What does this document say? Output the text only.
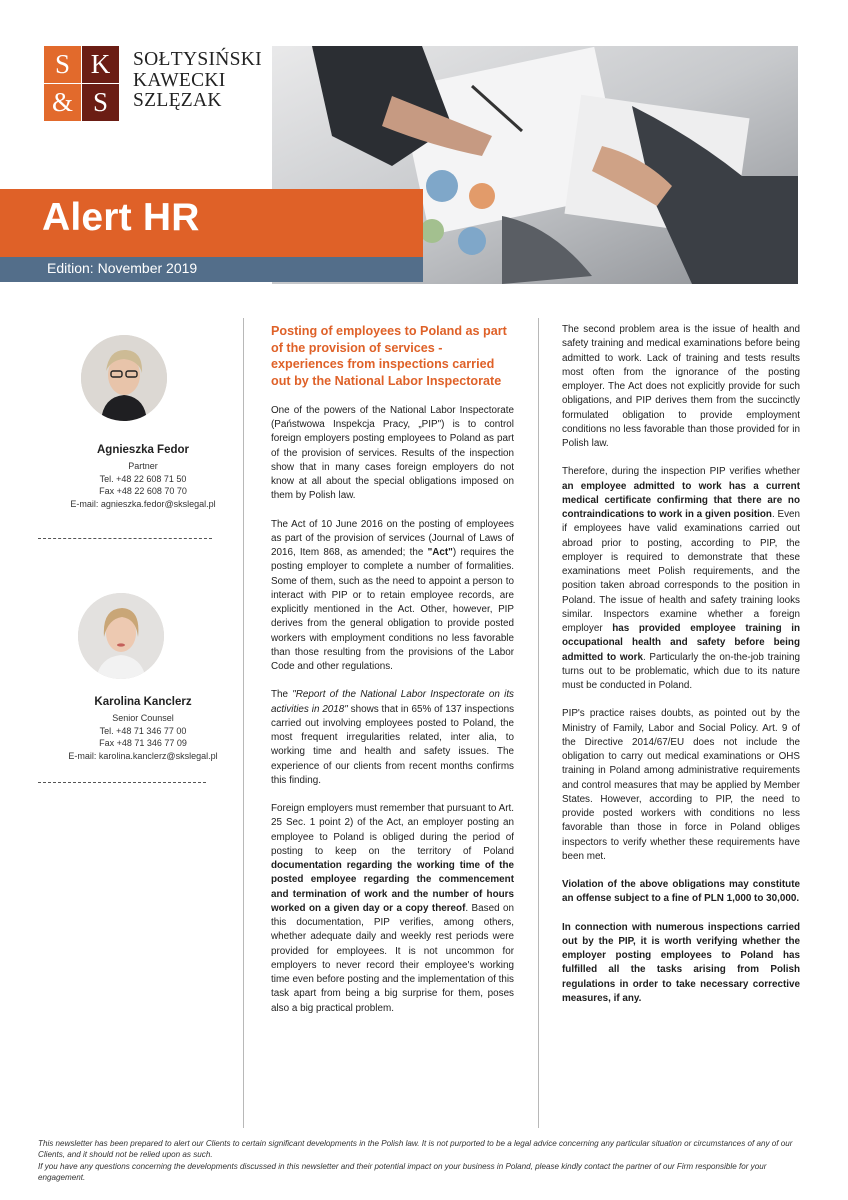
S K
& S
SOŁTYSIŃSKI
KAWECKI
SZLĘZAK
Alert HR
Edition: November 2019
Agnieszka Fedor
Partner
Tel. +48 22 608 71 50
Fax +48 22 608 70 70
E-mail: agnieszka.fedor@skslegal.pl
Karolina Kanclerz
Senior Counsel
Tel. +48 71 346 77 00
Fax +48 71 346 77 09
E-mail: karolina.kanclerz@skslegal.pl

Posting of employees to Poland as part of the provision of services - experiences from inspections carried out by the National Labor Inspectorate

One of the powers of the National Labor Inspectorate (Państwowa Inspekcja Pracy, „PIP") is to control foreign employers posting employees to Poland as part of the provision of services. Results of the inspection show that in many cases foreign employers do not know at all about the special obligations imposed on them by Polish law.

The Act of 10 June 2016 on the posting of employees as part of the provision of services (Journal of Laws of 2016, Item 868, as amended; the "Act") requires the posting employer to complete a number of formalities. Some of them, such as the need to appoint a person to interact with PIP or to retain employee records, are explicitly mentioned in the Act. Other, however, PIP derives from the general obligation to provide posted workers with employment conditions no less favorable than those resulting from the provisions of the Labor Code and other regulations.

The "Report of the National Labor Inspectorate on its activities in 2018" shows that in 65% of 137 inspections carried out involving employees posted to Poland, the most frequent irregularities related, inter alia, to working time and health and safety issues. The experience of our clients from recent months confirms this finding.

Foreign employers must remember that pursuant to Art. 25 Sec. 1 point 2) of the Act, an employer posting an employee to Poland is obliged during the period of posting to keep on the territory of Poland documentation regarding the working time of the posted employee regarding the commencement and termination of work and the number of hours worked on a given day or a copy thereof. Based on this documentation, PIP verifies, among others, whether adequate daily and weekly rest periods were provided for employees. It is not uncommon for employers to never record their employee's working time even before posting and the implementation of this task apart from being a big surprise for them, poses also a big practical problem.

The second problem area is the issue of health and safety training and medical examinations before being admitted to work. Lack of training and tests results most often from the ignorance of the posting employer. The Act does not explicitly provide for such obligations, and PIP derives them from the succinctly formulated obligation to provide employment conditions no less favorable than those provided for in Polish law.

Therefore, during the inspection PIP verifies whether an employee admitted to work has a current medical certificate confirming that there are no contraindications to work in a given position. Even if employees have valid examinations carried out abroad prior to posting, according to PIP, the employer is required to demonstrate that these examinations meet Polish requirements, and the position taken abroad corresponds to the position in Poland. The issue of health and safety training looks similar. Inspectors examine whether a foreign employer has provided employee training in occupational health and safety before being admitted to work. Particularly the on-the-job training turns out to be problematic, which due to its nature must be conducted in Poland.

PIP's practice raises doubts, as pointed out by the Ministry of Family, Labor and Social Policy. Art. 9 of the Directive 2014/67/EU does not include the obligation to carry out medical examinations or OHS training in Poland among administrative requirements and control measures that may be applied by Member States. However, according to PIP, the need to provide posted workers with conditions no less favorable than those in force in Poland obliges inspectors to verify whether these requirements have been met.

Violation of the above obligations may constitute an offense subject to a fine of PLN 1,000 to 30,000.

In connection with numerous inspections carried out by the PIP, it is worth verifying whether the employer posting employees to Poland has fulfilled all the tasks arising from Polish regulations in order to take necessary corrective measures, if any.

This newsletter has been prepared to alert our Clients to certain significant developments in the Polish law. It is not purported to be a legal advice concerning any particular situation or circumstances of any of our Clients, and it should not be relied upon as such.

If you have any questions concerning the developments discussed in this newsletter and their potential impact on your business in Poland, please kindly contact the partner of our Firm responsible for your engagement.
